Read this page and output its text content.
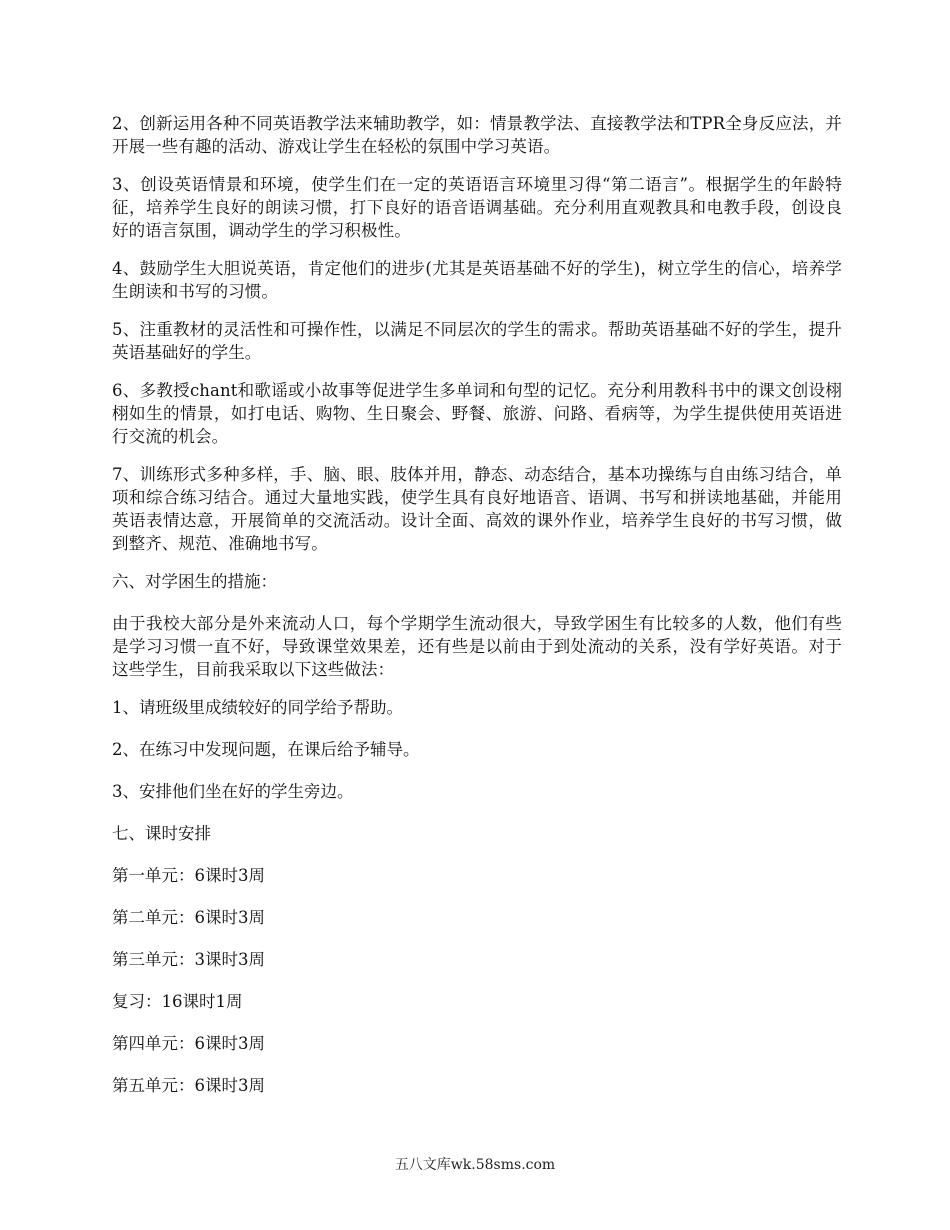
2、创新运用各种不同英语教学法来辅助教学，如：情景教学法、直接教学法和TPR全身反应法，并开展一些有趣的活动、游戏让学生在轻松的氛围中学习英语。

3、创设英语情景和环境，使学生们在一定的英语语言环境里习得“第二语言”。根据学生的年龄特征，培养学生良好的朗读习惯，打下良好的语音语调基础。充分利用直观教具和电教手段，创设良好的语言氛围，调动学生的学习积极性。

4、鼓励学生大胆说英语，肯定他们的进步(尤其是英语基础不好的学生)，树立学生的信心，培养学生朗读和书写的习惯。

5、注重教材的灵活性和可操作性，以满足不同层次的学生的需求。帮助英语基础不好的学生，提升英语基础好的学生。

6、多教授chant和歌谣或小故事等促进学生多单词和句型的记忆。充分利用教科书中的课文创设栩栩如生的情景，如打电话、购物、生日聚会、野餐、旅游、问路、看病等，为学生提供使用英语进行交流的机会。

7、训练形式多种多样，手、脑、眼、肢体并用，静态、动态结合，基本功操练与自由练习结合，单项和综合练习结合。通过大量地实践，使学生具有良好地语音、语调、书写和拼读地基础，并能用英语表情达意，开展简单的交流活动。设计全面、高效的课外作业，培养学生良好的书写习惯，做到整齐、规范、准确地书写。

六、对学困生的措施：

由于我校大部分是外来流动人口，每个学期学生流动很大，导致学困生有比较多的人数，他们有些是学习习惯一直不好，导致课堂效果差，还有些是以前由于到处流动的关系，没有学好英语。对于这些学生，目前我采取以下这些做法：

1、请班级里成绩较好的同学给予帮助。

2、在练习中发现问题，在课后给予辅导。

3、安排他们坐在好的学生旁边。

七、课时安排

第一单元：6课时3周

第二单元：6课时3周

第三单元：3课时3周

复习：16课时1周

第四单元：6课时3周

第五单元：6课时3周

五八文库wk.58sms.com
